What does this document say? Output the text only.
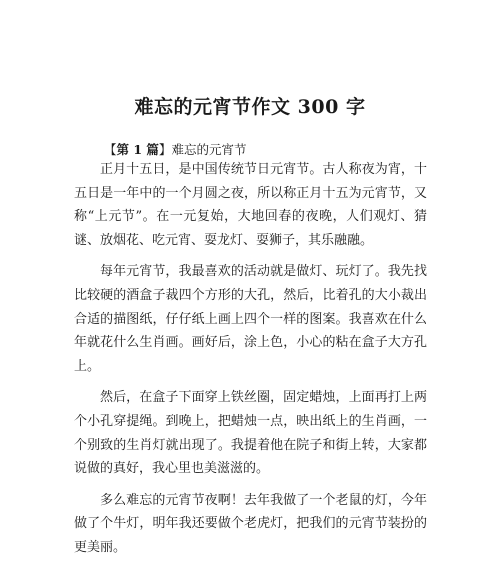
难忘的元宵节作文 300 字
【第 1 篇】难忘的元宵节

正月十五日，是中国传统节日元宵节。古人称夜为宵，十五日是一年中的一个月圆之夜，所以称正月十五为元宵节，又称“上元节”。在一元复始，大地回春的夜晚，人们观灯、猜谜、放烟花、吃元宵、耍龙灯、耍狮子，其乐融融。

每年元宵节，我最喜欢的活动就是做灯、玩灯了。我先找比较硬的酒盒子裁四个方形的大孔，然后，比着孔的大小裁出合适的描图纸，仔仔纸上画上四个一样的图案。我喜欢在什么年就花什么生肖画。画好后，涂上色，小心的粘在盒子大方孔上。

然后，在盒子下面穿上铁丝圈，固定蜡烛，上面再打上两个小孔穿提绳。到晚上，把蜡烛一点，映出纸上的生肖画，一个别致的生肖灯就出现了。我提着他在院子和街上转，大家都说做的真好，我心里也美滋滋的。

多么难忘的元宵节夜啊！去年我做了一个老鼠的灯，今年做了个牛灯，明年我还要做个老虎灯，把我们的元宵节装扮的更美丽。
